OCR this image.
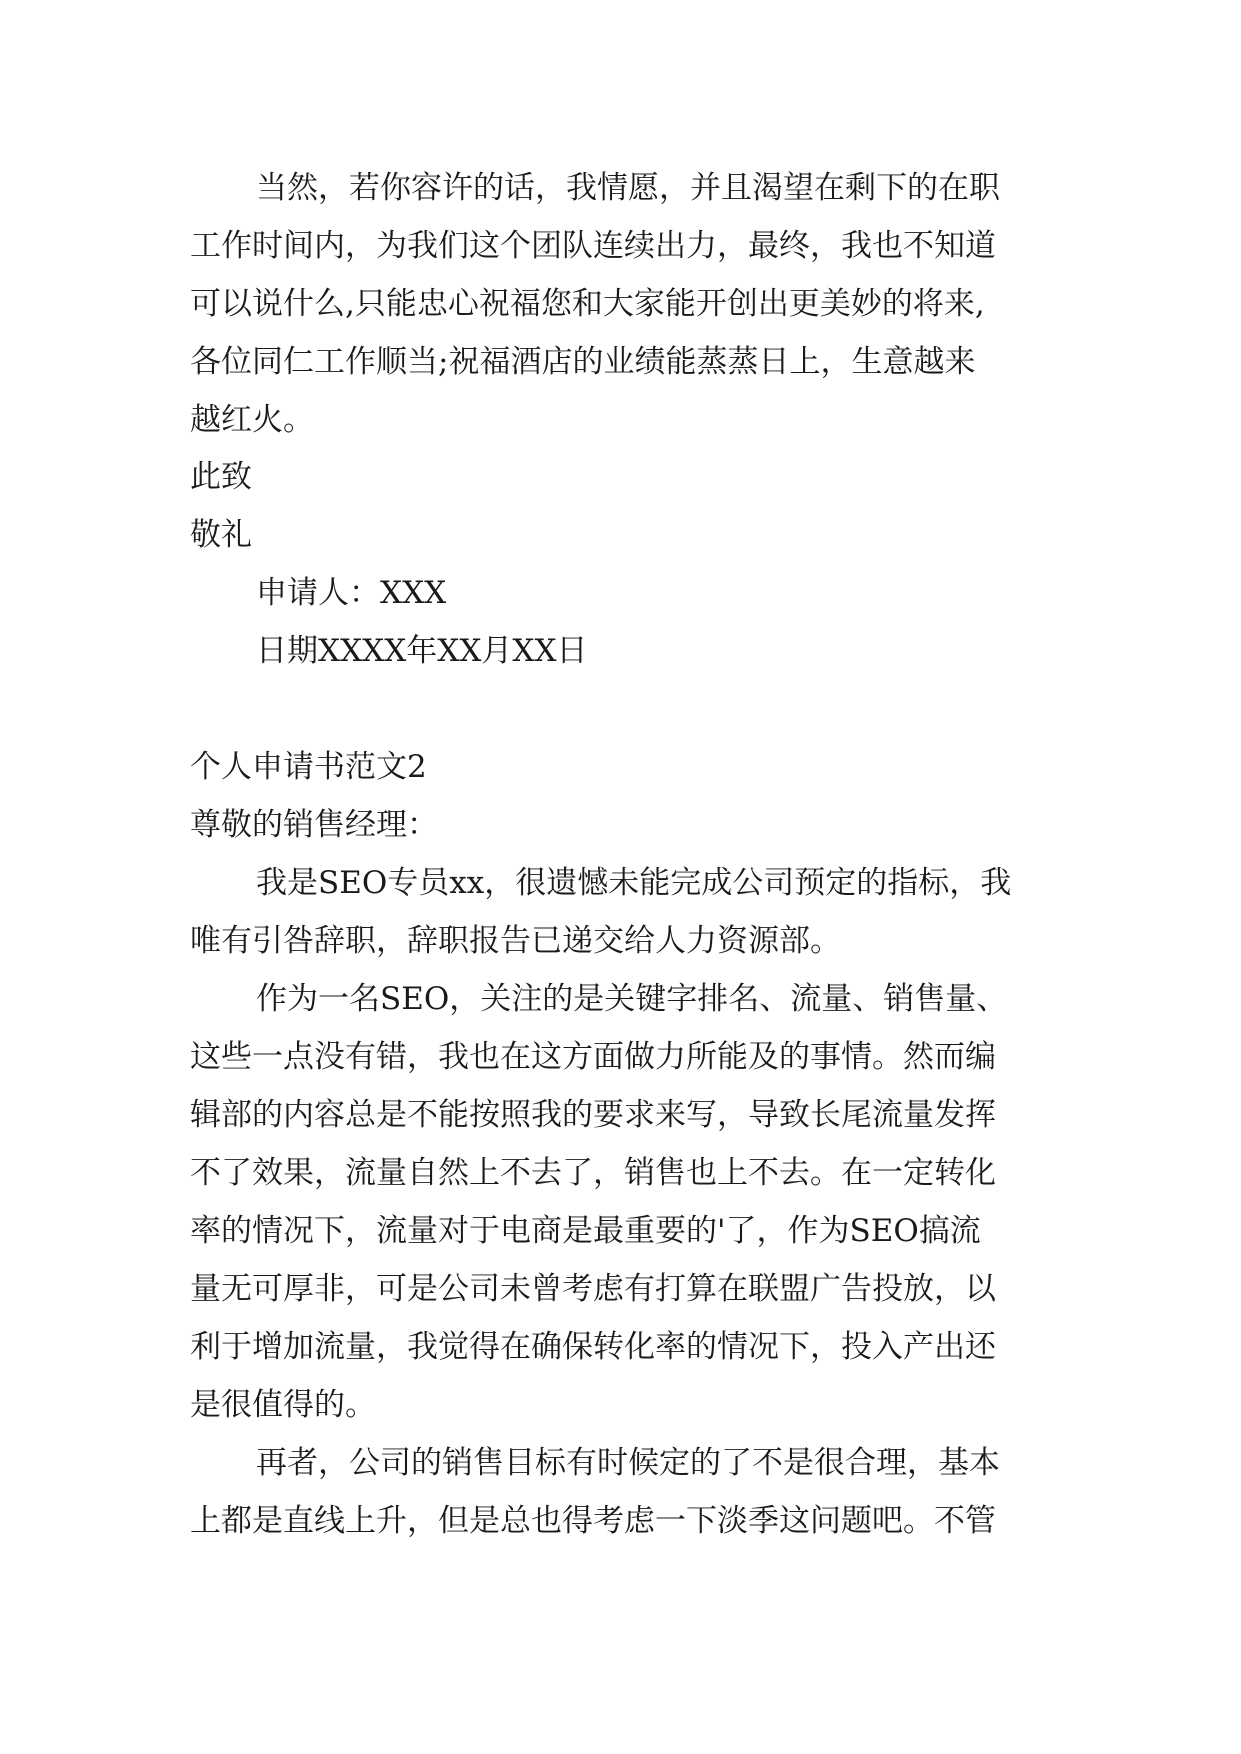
当然，若你容许的话，我情愿，并且渴望在剩下的在职
工作时间内，为我们这个团队连续出力，最终，我也不知道
可以说什么,只能忠心祝福您和大家能开创出更美妙的将来,
各位同仁工作顺当;祝福酒店的业绩能蒸蒸日上，生意越来
越红火。
此致
敬礼
申请人：XXX
日期XXXX年XX月XX日
个人申请书范文2
尊敬的销售经理：
我是SEO专员xx，很遗憾未能完成公司预定的指标，我
唯有引咎辞职，辞职报告已递交给人力资源部。
作为一名SEO，关注的是关键字排名、流量、销售量、
这些一点没有错，我也在这方面做力所能及的事情。然而编
辑部的内容总是不能按照我的要求来写，导致长尾流量发挥
不了效果，流量自然上不去了，销售也上不去。在一定转化
率的情况下，流量对于电商是最重要的'了，作为SEO搞流
量无可厚非，可是公司未曾考虑有打算在联盟广告投放，以
利于增加流量，我觉得在确保转化率的情况下，投入产出还
是很值得的。
再者，公司的销售目标有时候定的了不是很合理，基本
上都是直线上升，但是总也得考虑一下淡季这问题吧。不管
